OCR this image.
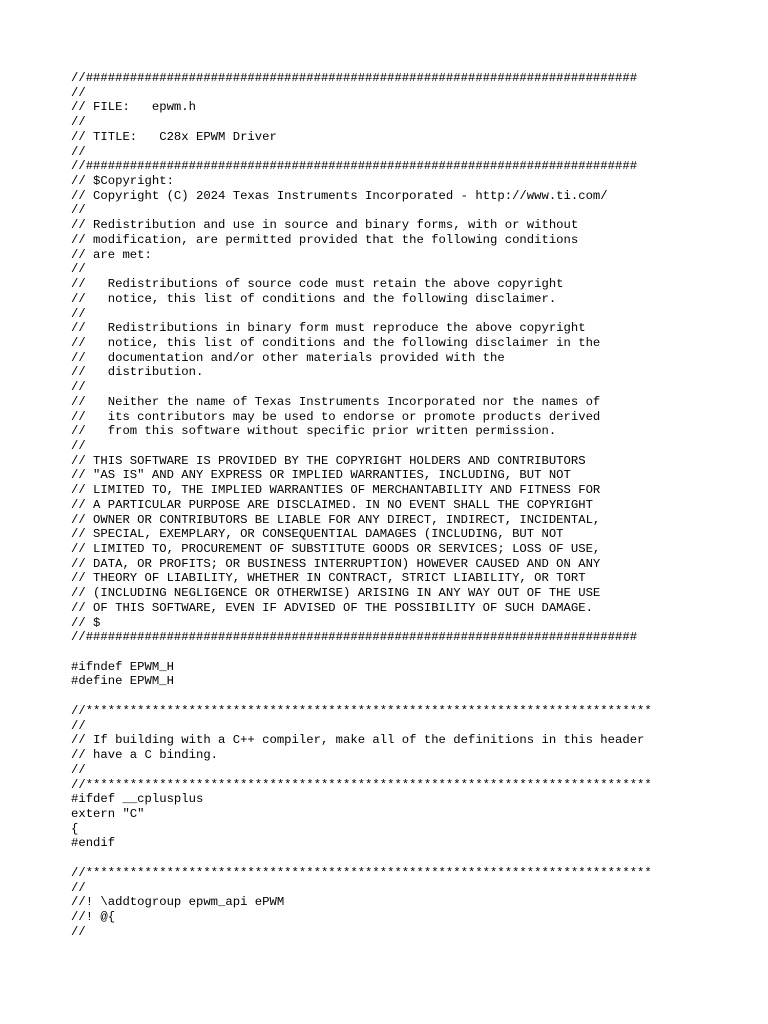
//###########################################################################
//
// FILE:   epwm.h
//
// TITLE:   C28x EPWM Driver
//
//###########################################################################
// $Copyright:
// Copyright (C) 2024 Texas Instruments Incorporated - http://www.ti.com/
//
// Redistribution and use in source and binary forms, with or without
// modification, are permitted provided that the following conditions
// are met:
//
//   Redistributions of source code must retain the above copyright
//   notice, this list of conditions and the following disclaimer.
//
//   Redistributions in binary form must reproduce the above copyright
//   notice, this list of conditions and the following disclaimer in the
//   documentation and/or other materials provided with the
//   distribution.
//
//   Neither the name of Texas Instruments Incorporated nor the names of
//   its contributors may be used to endorse or promote products derived
//   from this software without specific prior written permission.
//
// THIS SOFTWARE IS PROVIDED BY THE COPYRIGHT HOLDERS AND CONTRIBUTORS
// "AS IS" AND ANY EXPRESS OR IMPLIED WARRANTIES, INCLUDING, BUT NOT
// LIMITED TO, THE IMPLIED WARRANTIES OF MERCHANTABILITY AND FITNESS FOR
// A PARTICULAR PURPOSE ARE DISCLAIMED. IN NO EVENT SHALL THE COPYRIGHT
// OWNER OR CONTRIBUTORS BE LIABLE FOR ANY DIRECT, INDIRECT, INCIDENTAL,
// SPECIAL, EXEMPLARY, OR CONSEQUENTIAL DAMAGES (INCLUDING, BUT NOT
// LIMITED TO, PROCUREMENT OF SUBSTITUTE GOODS OR SERVICES; LOSS OF USE,
// DATA, OR PROFITS; OR BUSINESS INTERRUPTION) HOWEVER CAUSED AND ON ANY
// THEORY OF LIABILITY, WHETHER IN CONTRACT, STRICT LIABILITY, OR TORT
// (INCLUDING NEGLIGENCE OR OTHERWISE) ARISING IN ANY WAY OUT OF THE USE
// OF THIS SOFTWARE, EVEN IF ADVISED OF THE POSSIBILITY OF SUCH DAMAGE.
// $
//###########################################################################
#ifndef EPWM_H
#define EPWM_H
//*****************************************************************************
//
// If building with a C++ compiler, make all of the definitions in this header
// have a C binding.
//
//*****************************************************************************
#ifdef __cplusplus
extern "C"
{
#endif
//*****************************************************************************
//
//! \addtogroup epwm_api ePWM
//! @{
//
